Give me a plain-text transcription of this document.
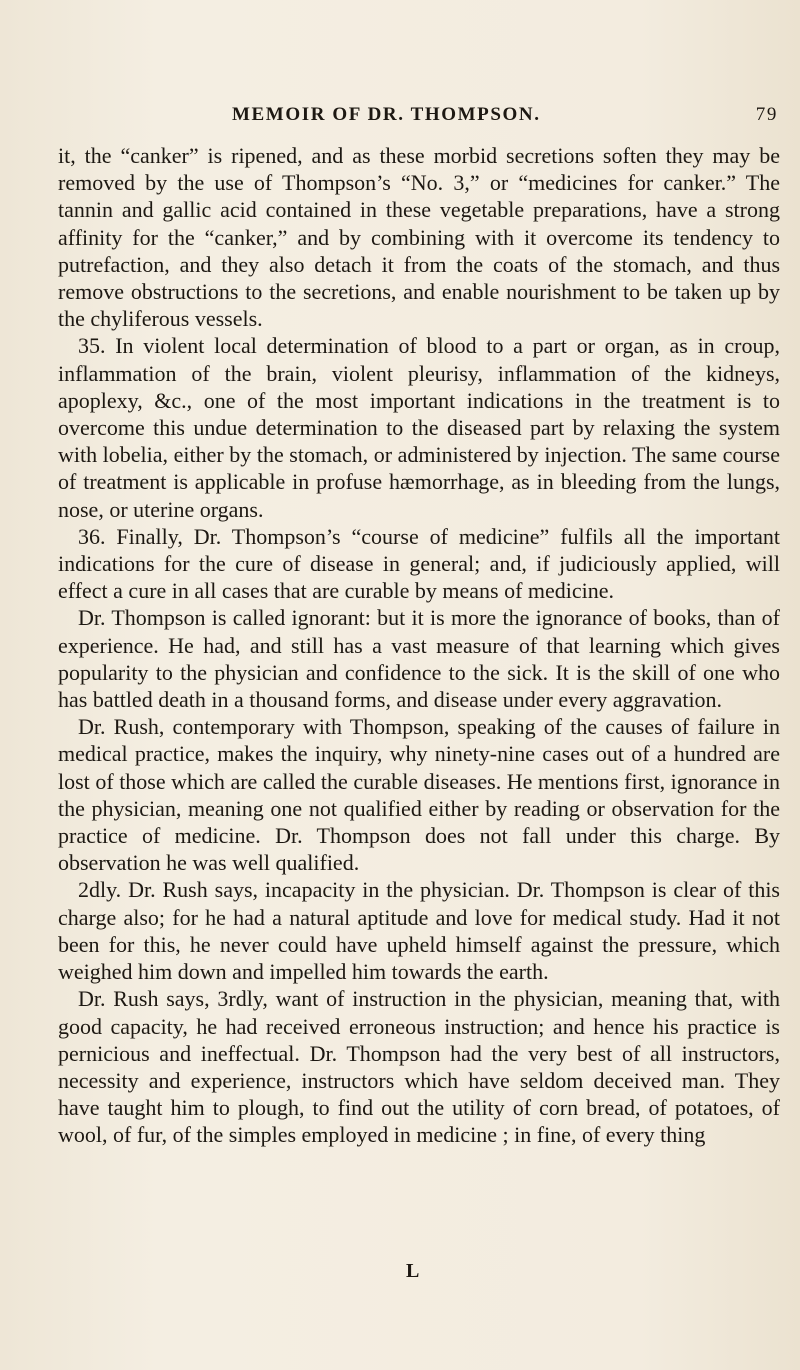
MEMOIR OF DR. THOMPSON.	79

it, the “canker” is ripened, and as these morbid secretions soften they may be removed by the use of Thompson’s “No. 3,” or “medicines for canker.” The tannin and gallic acid contained in these vegetable preparations, have a strong affinity for the “canker,” and by combining with it overcome its tendency to putrefaction, and they also detach it from the coats of the stomach, and thus remove obstructions to the secretions, and enable nourishment to be taken up by the chyliferous vessels.

35. In violent local determination of blood to a part or organ, as in croup, inflammation of the brain, violent pleurisy, inflammation of the kidneys, apoplexy, &c., one of the most important indications in the treatment is to overcome this undue determination to the diseased part by relaxing the system with lobelia, either by the stomach, or administered by injection. The same course of treatment is applicable in profuse hæmorrhage, as in bleeding from the lungs, nose, or uterine organs.

36. Finally, Dr. Thompson’s “course of medicine” fulfils all the important indications for the cure of disease in general; and, if judiciously applied, will effect a cure in all cases that are curable by means of medicine.

Dr. Thompson is called ignorant: but it is more the ignorance of books, than of experience. He had, and still has a vast measure of that learning which gives popularity to the physician and confidence to the sick. It is the skill of one who has battled death in a thousand forms, and disease under every aggravation.

Dr. Rush, contemporary with Thompson, speaking of the causes of failure in medical practice, makes the inquiry, why ninety-nine cases out of a hundred are lost of those which are called the curable diseases. He mentions first, ignorance in the physician, meaning one not qualified either by reading or observation for the practice of medicine. Dr. Thompson does not fall under this charge. By observation he was well qualified.

2dly. Dr. Rush says, incapacity in the physician. Dr. Thompson is clear of this charge also; for he had a natural aptitude and love for medical study. Had it not been for this, he never could have upheld himself against the pressure, which weighed him down and impelled him towards the earth.

Dr. Rush says, 3rdly, want of instruction in the physician, meaning that, with good capacity, he had received erroneous instruction; and hence his practice is pernicious and ineffectual. Dr. Thompson had the very best of all instructors, necessity and experience, instructors which have seldom deceived man. They have taught him to plough, to find out the utility of corn bread, of potatoes, of wool, of fur, of the simples employed in medicine ; in fine, of every thing

L
